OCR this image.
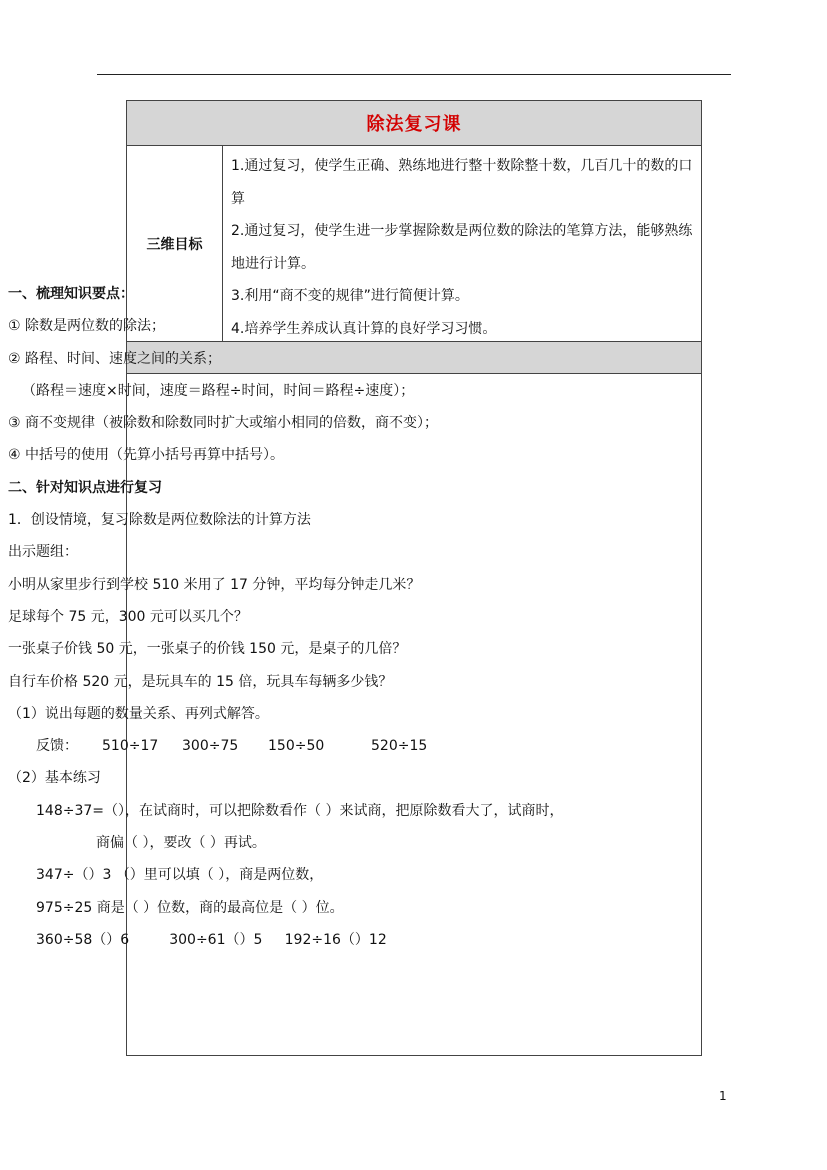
除法复习课
三维目标
1.通过复习，使学生正确、熟练地进行整十数除整十数，几百几十的数的口算
2.通过复习，使学生进一步掌握除数是两位数的除法的笔算方法，能够熟练地进行计算。
3.利用“商不变的规律”进行简便计算。
4.培养学生养成认真计算的良好学习习惯。
一、梳理知识要点：
① 除数是两位数的除法；
② 路程、时间、速度之间的关系；
（路程＝速度×时间，速度＝路程÷时间，时间＝路程÷速度）；
③ 商不变规律（被除数和除数同时扩大或缩小相同的倍数，商不变）；
④ 中括号的使用（先算小括号再算中括号）。
二、针对知识点进行复习
1．创设情境，复习除数是两位数除法的计算方法
出示题组：
小明从家里步行到学校 510 米用了 17 分钟，平均每分钟走几米？
足球每个 75 元，300 元可以买几个？
一张桌子价钱 50 元，一张桌子的价钱 150 元，是桌子的几倍？
自行车价格 520 元，是玩具车的 15 倍，玩具车每辆多少钱？
（1）说出每题的数量关系、再列式解答。
反馈： 510÷17 300÷75 150÷50	520÷15
（2）基本练习
148÷37=（），在试商时，可以把除数看作（ ）来试商，把原除数看大了，试商时，
商偏（ ），要改（ ）再试。
347÷（）3 （）里可以填（ ），商是两位数，
975÷25 商是（ ）位数，商的最高位是（ ）位。
360÷58（）6         300÷61（）5     192÷16（）12
1
